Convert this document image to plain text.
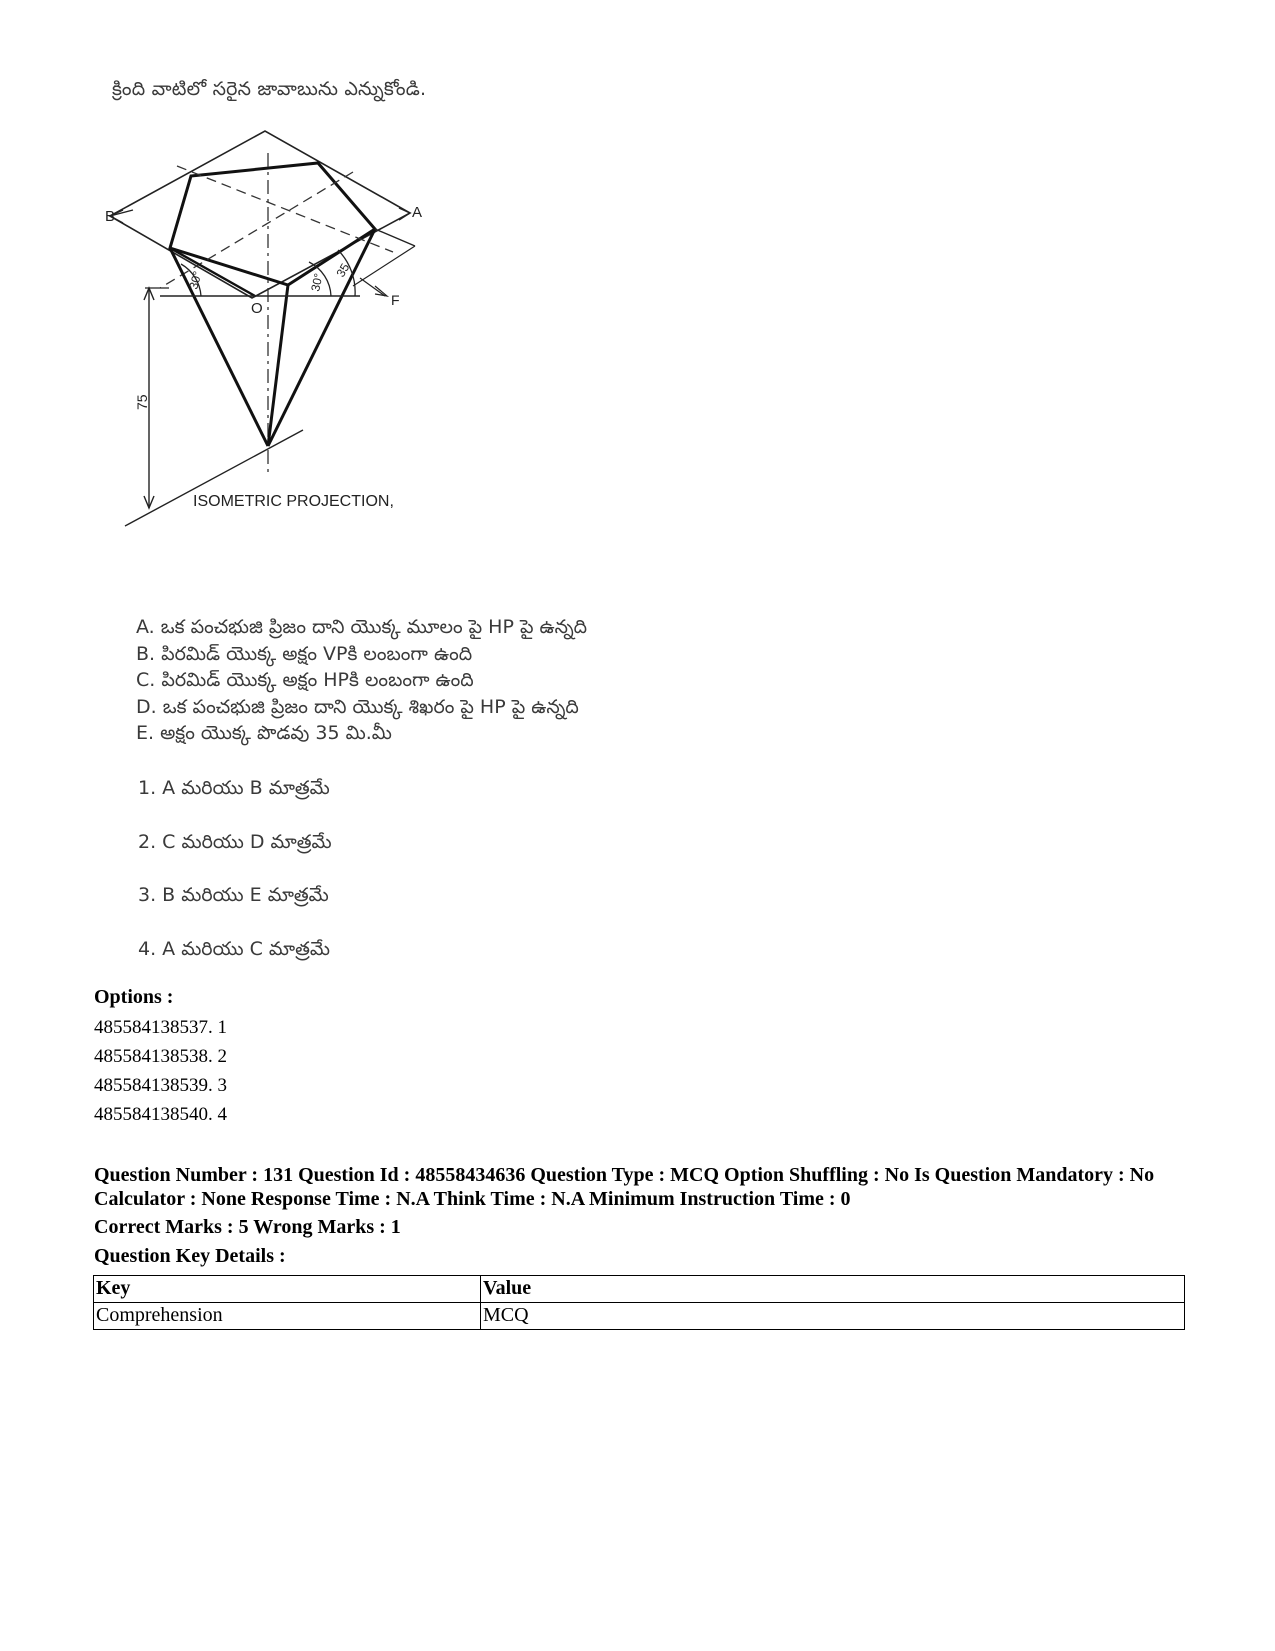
క్రింది వాటిలో సరైన జావాబును ఎన్నుకోండి.
B	A
O	F
30°	30°
35
75
ISOMETRIC PROJECTION,
A. ఒక పంచభుజి ప్రిజం దాని యొక్క మూలం పై HP పై ఉన్నది
B. పిరమిడ్ యొక్క అక్షం VPకి లంబంగా ఉంది
C. పిరమిడ్ యొక్క అక్షం HPకి లంబంగా ఉంది
D. ఒక పంచభుజి ప్రిజం దాని యొక్క శిఖరం పై HP పై ఉన్నది
E. అక్షం యొక్క పొడవు 35 మి.మీ
1. A మరియు B మాత్రమే
2. C మరియు D మాత్రమే
3. B మరియు E మాత్రమే
4. A మరియు C మాత్రమే
Options :
485584138537. 1
485584138538. 2
485584138539. 3
485584138540. 4
Question Number : 131 Question Id : 48558434636 Question Type : MCQ Option Shuffling : No Is Question Mandatory : No Calculator : None Response Time : N.A Think Time : N.A Minimum Instruction Time : 0
Correct Marks : 5 Wrong Marks : 1
Question Key Details :
Key	Value
Comprehension	MCQ
